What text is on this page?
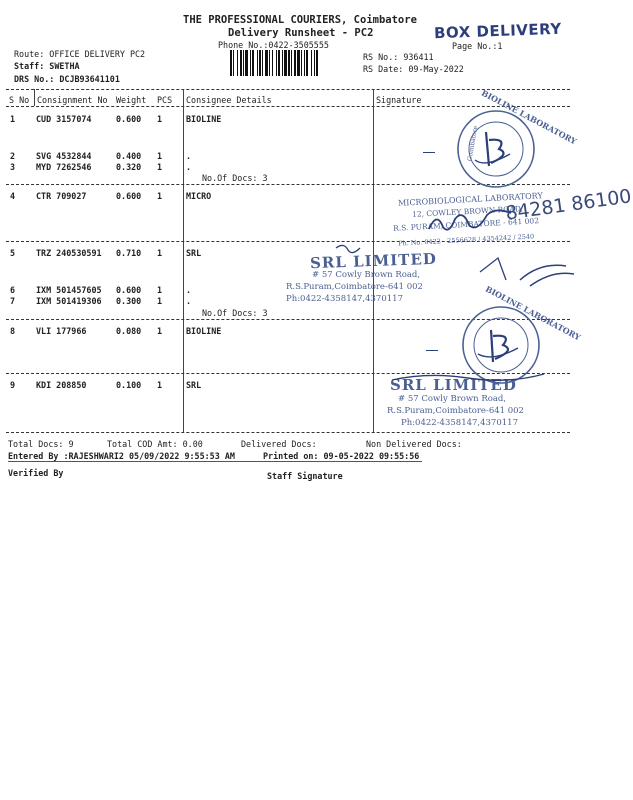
THE PROFESSIONAL COURIERS, Coimbatore
Delivery Runsheet - PC2
Phone No.:0422-3505555
BOX DELIVERY
Page No.:1
Route: OFFICE DELIVERY PC2
Staff: SWETHA
DRS No.: DCJB93641101
RS No.: 936411
RS Date: 09-May-2022
S No Consignment No Weight PCS Consignee Details	Signature
1 CUD 3157074	0.600 1	BIOLINE
2 SVG 4532844	0.400 1	.
3 MYD 7262546	0.320 1	.
No.Of Docs: 3
4 CTR 709027	0.600 1	MICRO
5 TRZ 240530591 0.710 1	SRL
6 IXM 501457605 0.600 1	.
7 IXM 501419306 0.300 1	.
No.Of Docs: 3
8 VLI 177966	0.080 1	BIOLINE
9 KDI 208850	0.100 1	SRL
BIOLINE LABORATORY
Coimbatore
MICROBIOLOGICAL LABORATORY
12, COWLEY BROWN ROAD,
R.S. PURAM, COIMBATORE - 641 002
Ph. No. 0422 - 2556628 / 4354242 / 2540
84281 86100
SRL LIMITED
# 57 Cowly Brown Road,
R.S.Puram,Coimbatore-641 002
Ph:0422-4358147,4370117	BIOLINE LABORATORY
SRL LIMITED
# 57 Cowly Brown Road,
R.S.Puram,Coimbatore-641 002
Ph:0422-4358147,4370117
Total Docs: 9	Total COD Amt: 0.00	Delivered Docs:	Non Delivered Docs:
Entered By :RAJESHWARI2 05/09/2022 9:55:53 AM	Printed on: 09-05-2022 09:55:56
Verified By	Staff Signature
